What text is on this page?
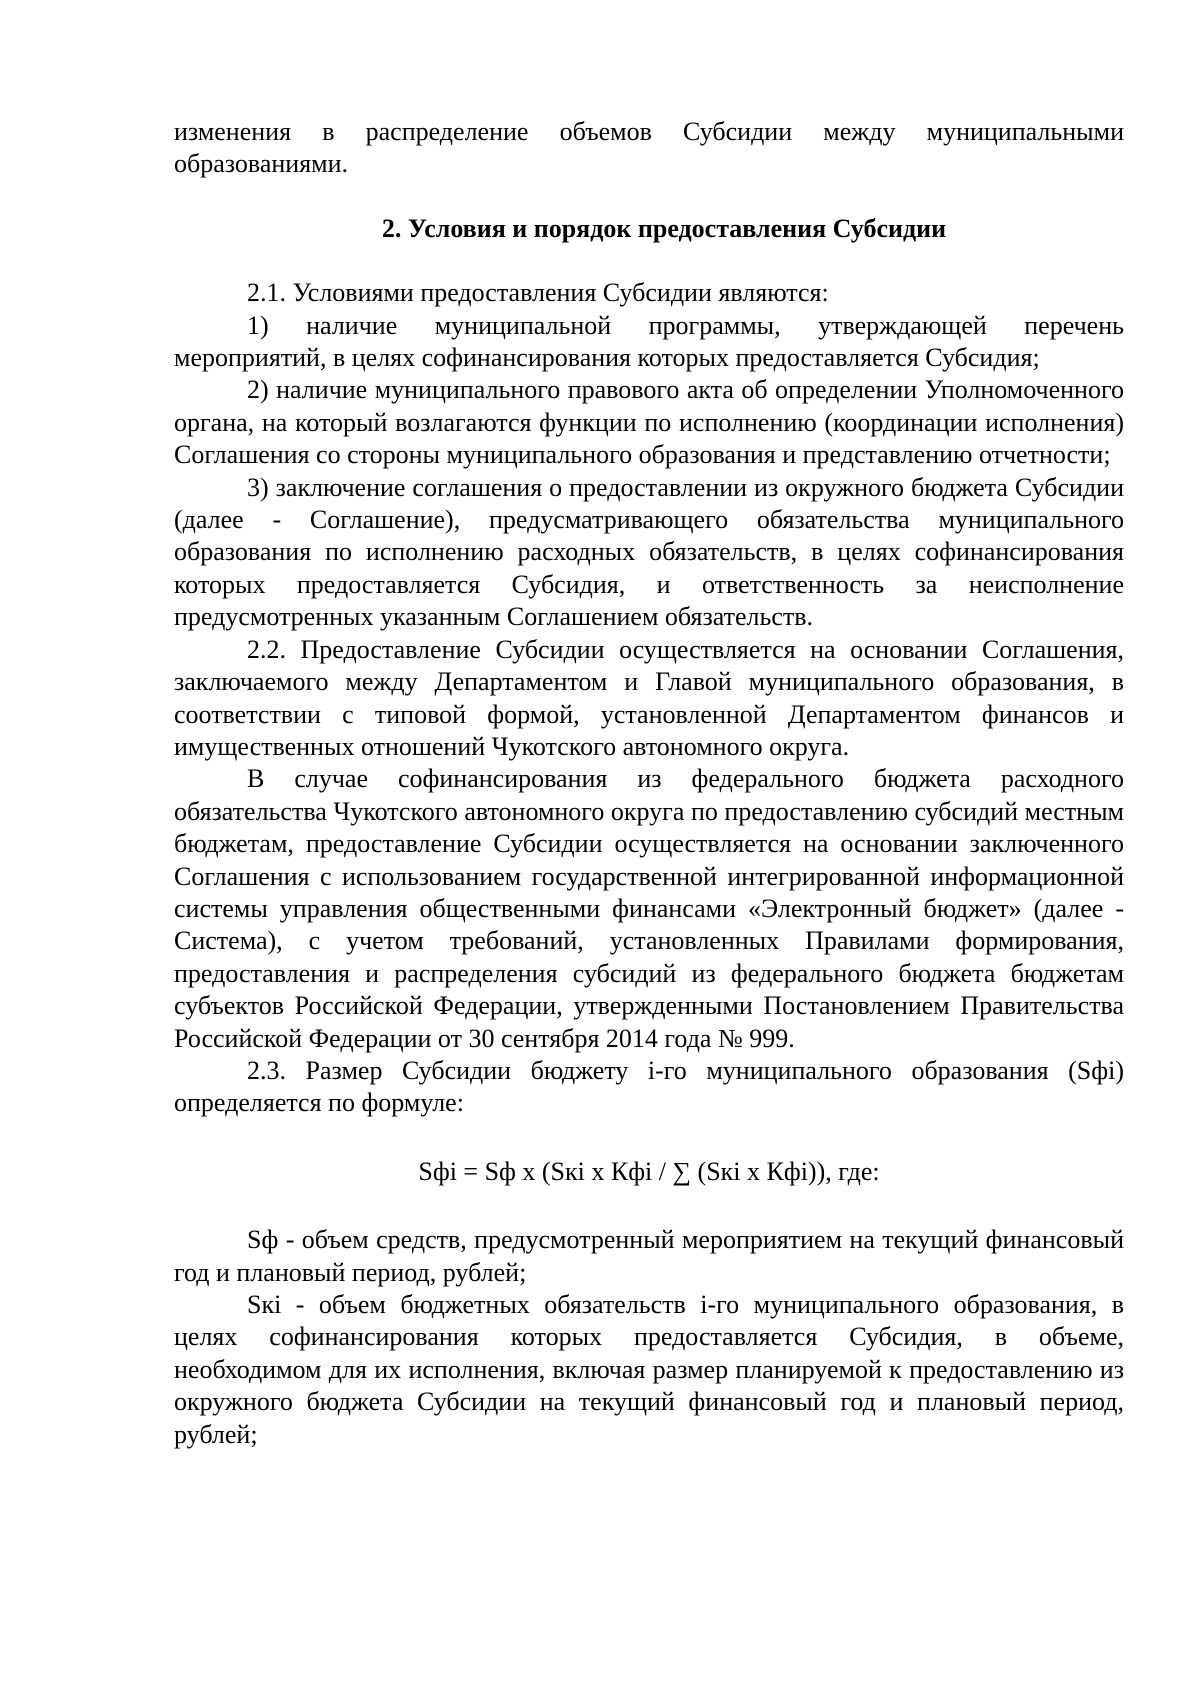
изменения в распределение объемов Субсидии между муниципальными образованиями.

2. Условия и порядок предоставления Субсидии

2.1. Условиями предоставления Субсидии являются:

1) наличие муниципальной программы, утверждающей перечень мероприятий, в целях софинансирования которых предоставляется Субсидия;

2) наличие муниципального правового акта об определении Уполномоченного органа, на который возлагаются функции по исполнению (координации исполнения) Соглашения со стороны муниципального образования и представлению отчетности;

3) заключение соглашения о предоставлении из окружного бюджета Субсидии (далее - Соглашение), предусматривающего обязательства муниципального образования по исполнению расходных обязательств, в целях софинансирования которых предоставляется Субсидия, и ответственность за неисполнение предусмотренных указанным Соглашением обязательств.

2.2. Предоставление Субсидии осуществляется на основании Соглашения, заключаемого между Департаментом и Главой муниципального образования, в соответствии с типовой формой, установленной Департаментом финансов и имущественных отношений Чукотского автономного округа.

В случае софинансирования из федерального бюджета расходного обязательства Чукотского автономного округа по предоставлению субсидий местным бюджетам, предоставление Субсидии осуществляется на основании заключенного Соглашения с использованием государственной интегрированной информационной системы управления общественными финансами «Электронный бюджет» (далее - Система), с учетом требований, установленных Правилами формирования, предоставления и распределения субсидий из федерального бюджета бюджетам субъектов Российской Федерации, утвержденными Постановлением Правительства Российской Федерации от 30 сентября 2014 года № 999.

2.3. Размер Субсидии бюджету i-го муниципального образования (Sфi) определяется по формуле:

Sфi = Sф x (Sкi x Кфi / ∑ (Sкi x Кфi)), где:

Sф - объем средств, предусмотренный мероприятием на текущий финансовый год и плановый период, рублей;

Sкi - объем бюджетных обязательств i-го муниципального образования, в целях софинансирования которых предоставляется Субсидия, в объеме, необходимом для их исполнения, включая размер планируемой к предоставлению из окружного бюджета Субсидии на текущий финансовый год и плановый период, рублей;
